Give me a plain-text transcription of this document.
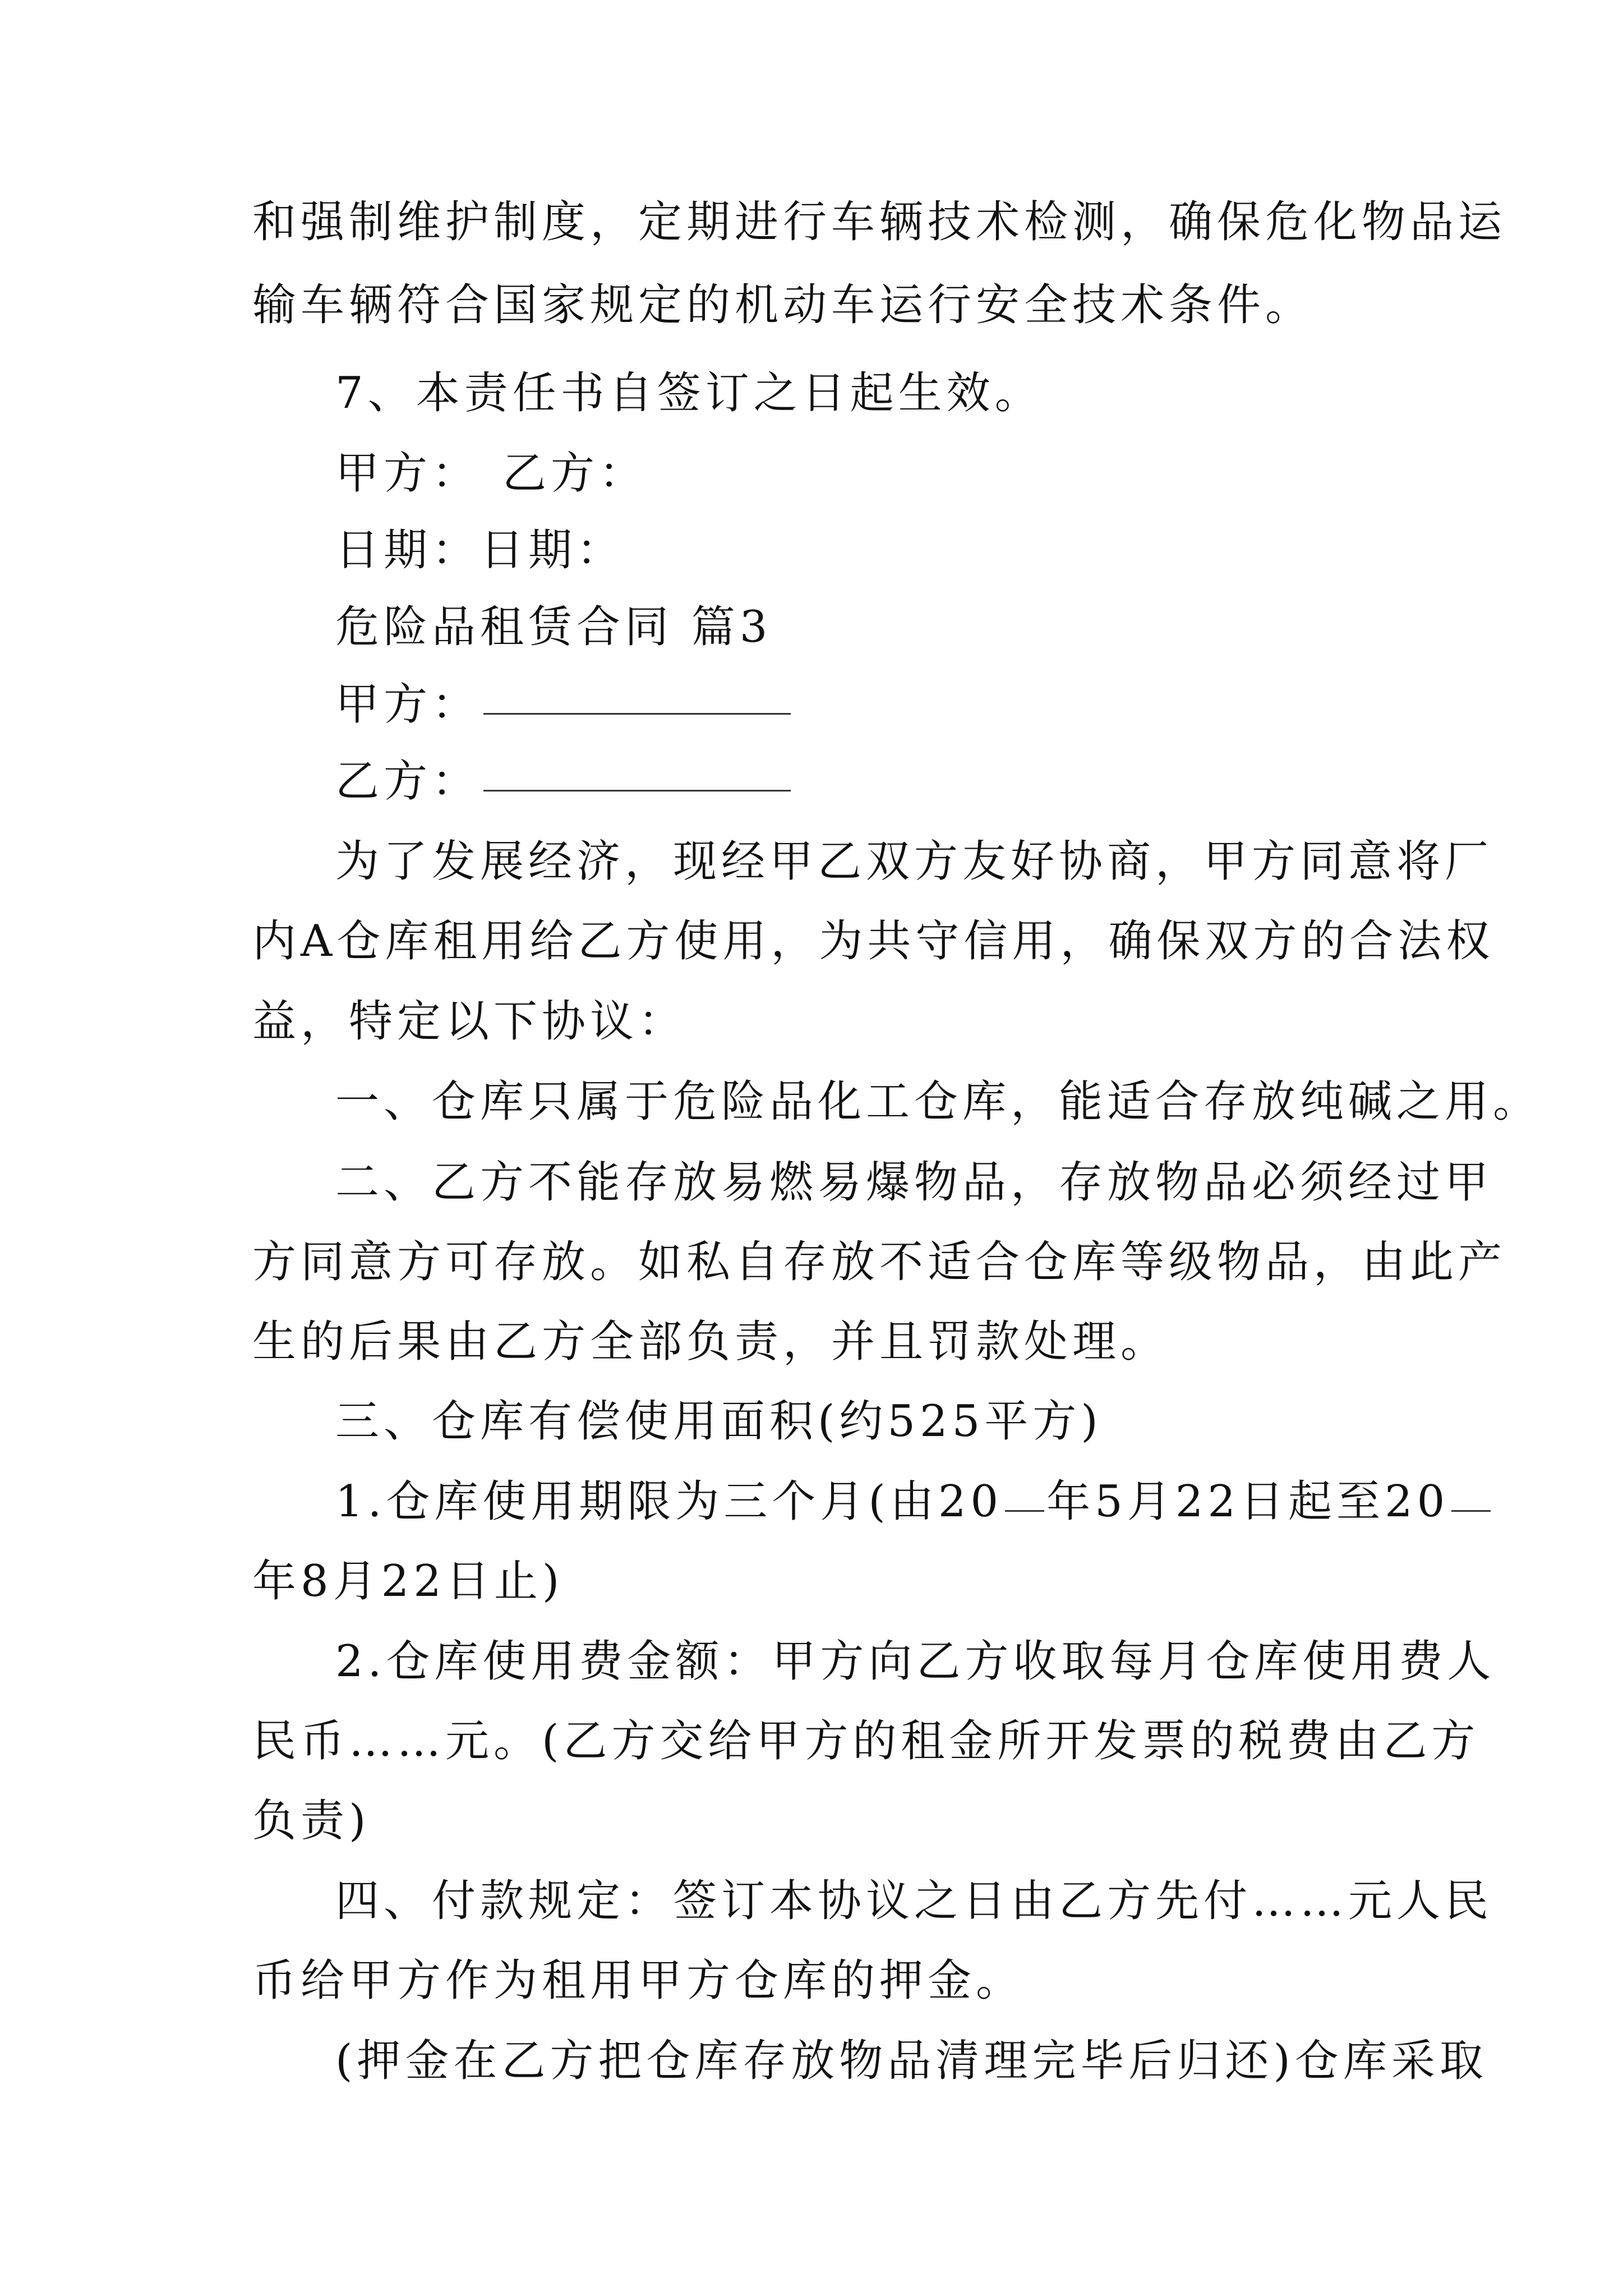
和强制维护制度，定期进行车辆技术检测，确保危化物品运
输车辆符合国家规定的机动车运行安全技术条件。
7、本责任书自签订之日起生效。
甲方： 乙方：
日期：日期：
危险品租赁合同 篇3
甲方：
乙方：
为了发展经济，现经甲乙双方友好协商，甲方同意将厂
内A仓库租用给乙方使用，为共守信用，确保双方的合法权
益，特定以下协议：
一、仓库只属于危险品化工仓库，能适合存放纯碱之用。
二、乙方不能存放易燃易爆物品，存放物品必须经过甲
方同意方可存放。如私自存放不适合仓库等级物品，由此产
生的后果由乙方全部负责，并且罚款处理。
三、仓库有偿使用面积(约525平方)
1.仓库使用期限为三个月(由20 年5月22日起至20
年8月22日止)
2.仓库使用费金额：甲方向乙方收取每月仓库使用费人
民币……元。(乙方交给甲方的租金所开发票的税费由乙方
负责)
四、付款规定：签订本协议之日由乙方先付……元人民
币给甲方作为租用甲方仓库的押金。
(押金在乙方把仓库存放物品清理完毕后归还)仓库采取
